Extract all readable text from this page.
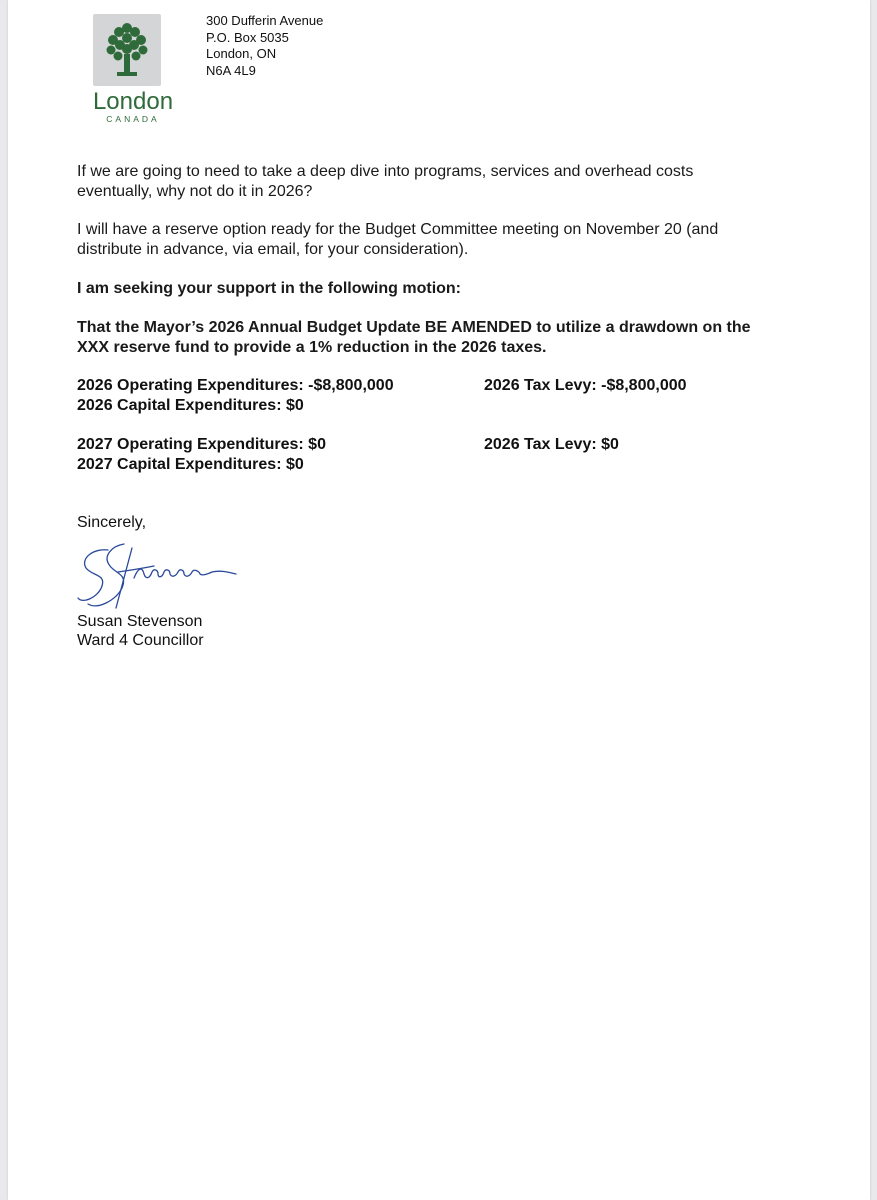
London
CANADA
300 Dufferin Avenue
P.O. Box 5035
London, ON
N6A 4L9
If we are going to need to take a deep dive into programs, services and overhead costs
eventually, why not do it in 2026?
I will have a reserve option ready for the Budget Committee meeting on November 20 (and
distribute in advance, via email, for your consideration).
I am seeking your support in the following motion:
That the Mayor’s 2026 Annual Budget Update BE AMENDED to utilize a drawdown on the
XXX reserve fund to provide a 1% reduction in the 2026 taxes.
2026 Operating Expenditures: -$8,800,000	2026 Tax Levy: -$8,800,000
2026 Capital Expenditures: $0
2027 Operating Expenditures: $0	2026 Tax Levy: $0
2027 Capital Expenditures: $0
Sincerely,
Susan Stevenson
Ward 4 Councillor
